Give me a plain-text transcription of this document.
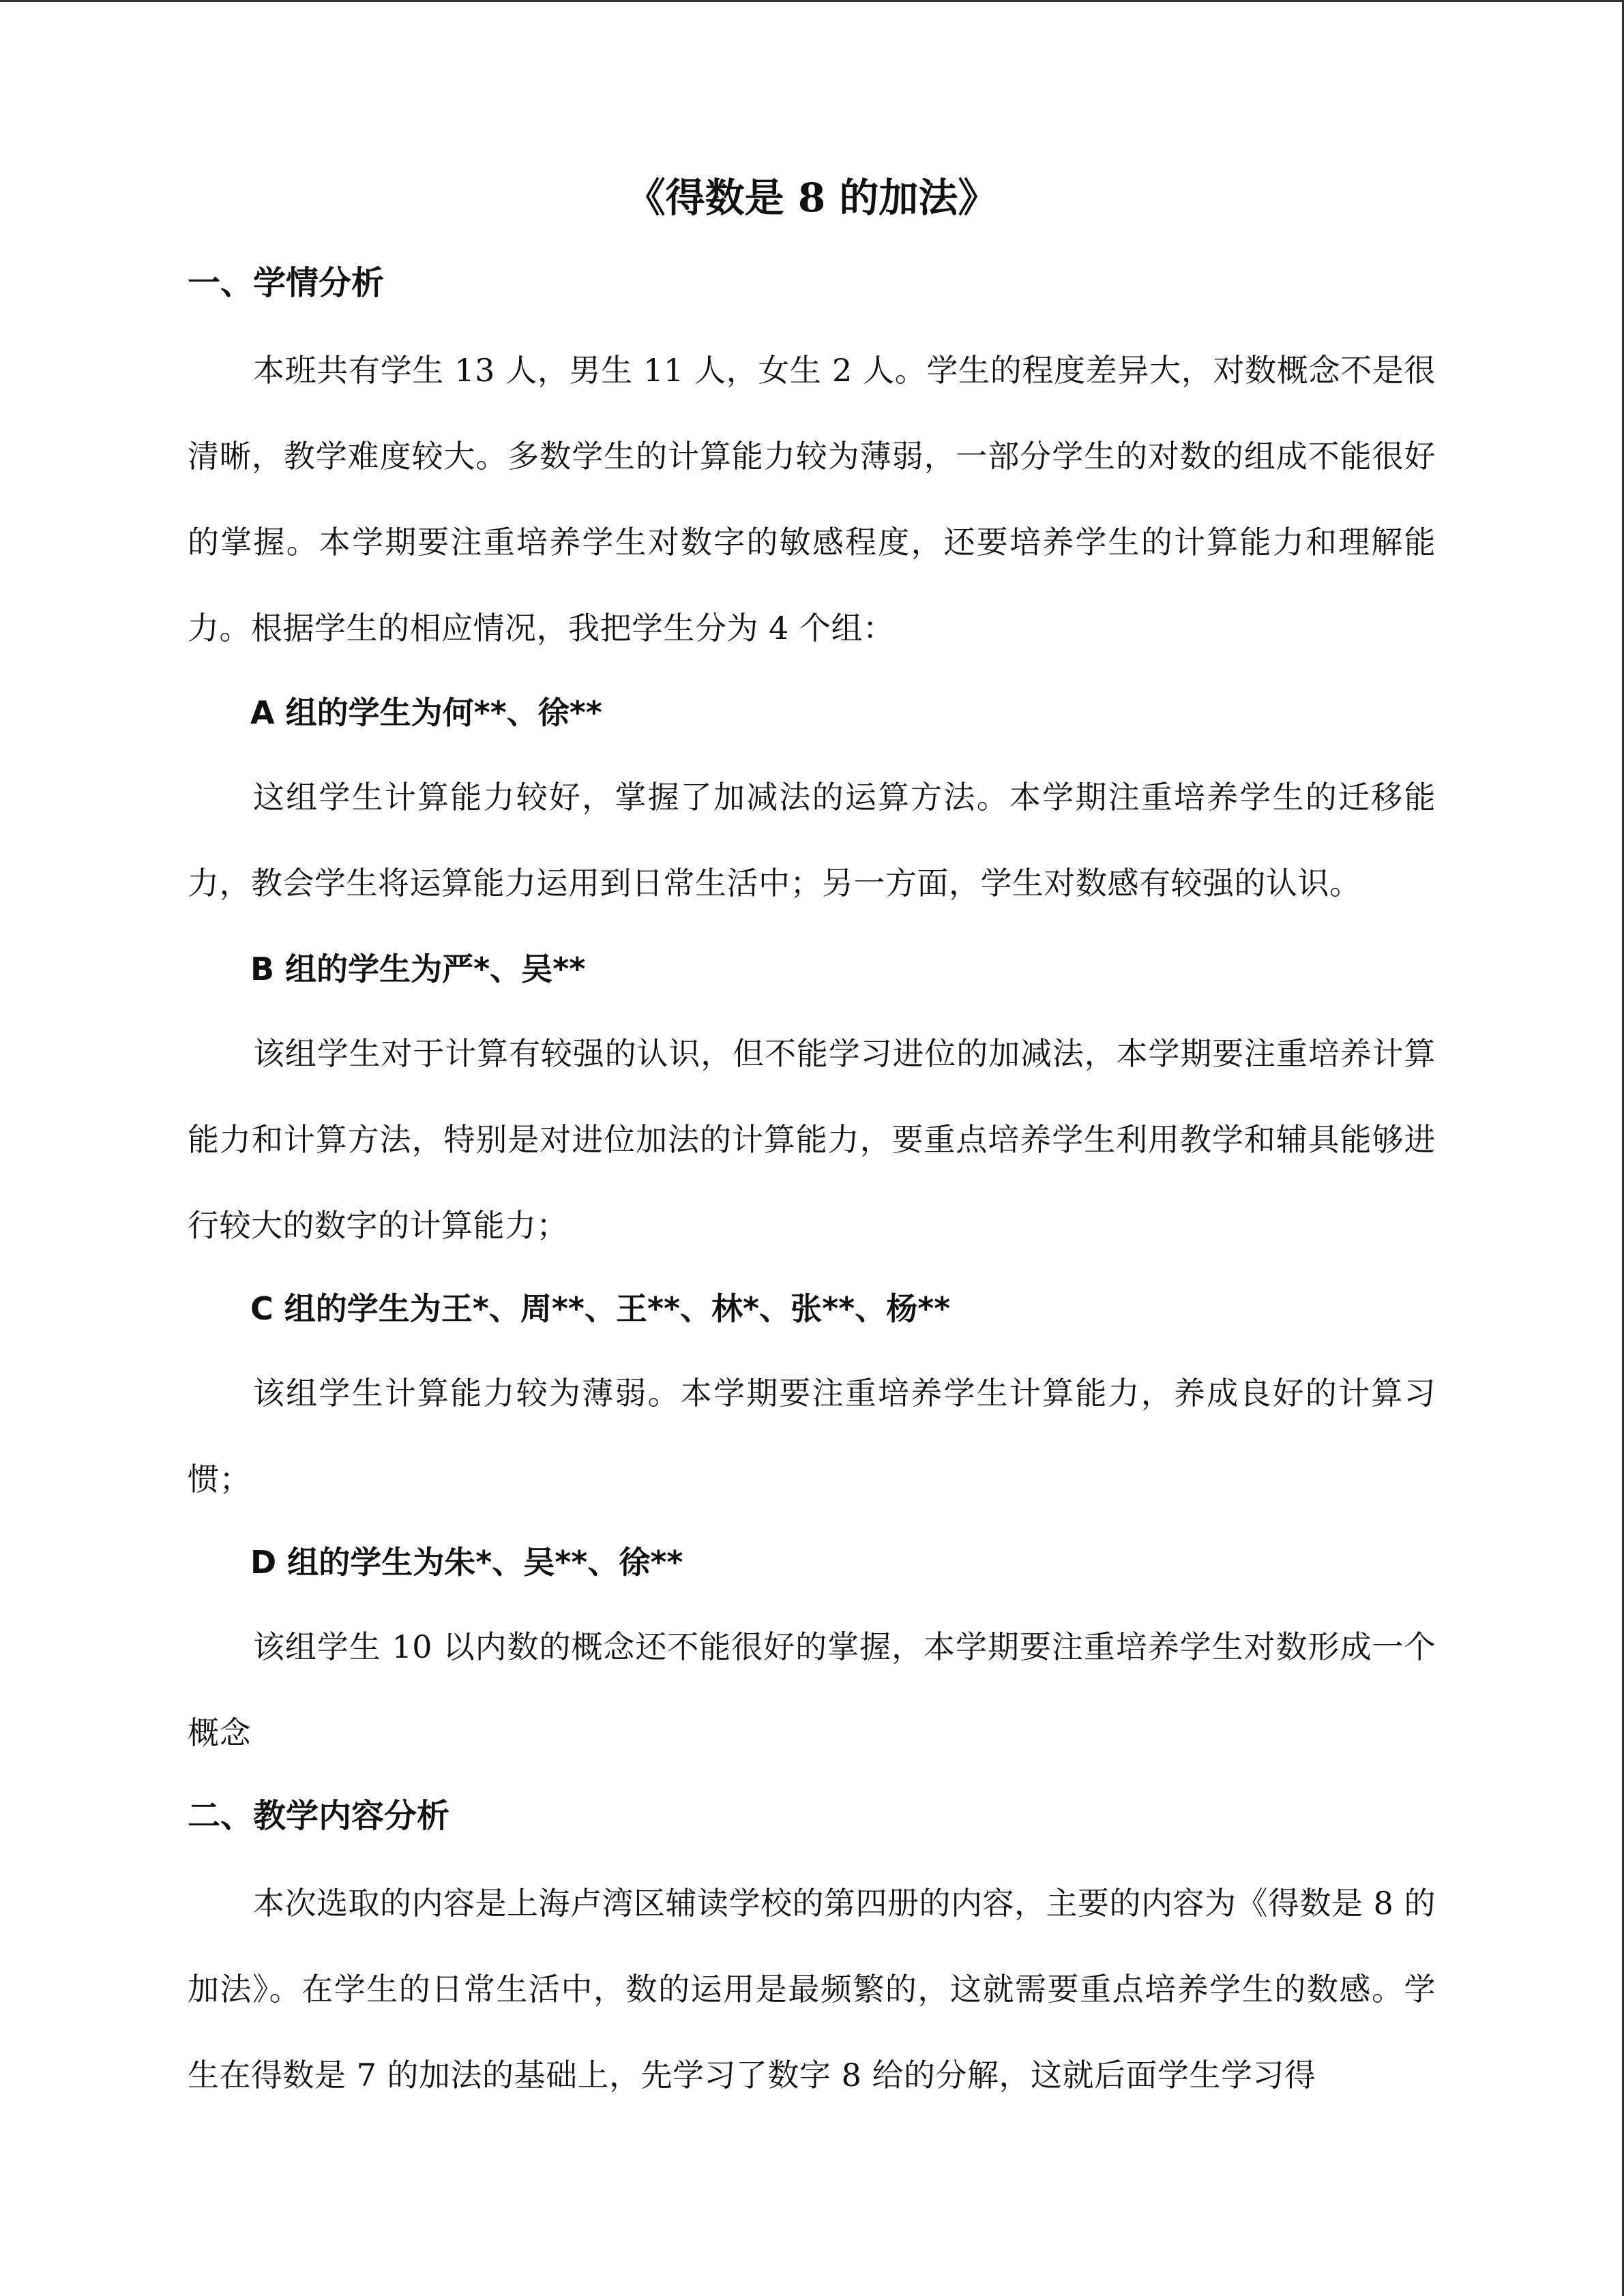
《得数是 8 的加法》
一、学情分析
本班共有学生 13 人，男生 11 人，女生 2 人。学生的程度差异大，对数概念不是很清晰，教学难度较大。多数学生的计算能力较为薄弱，一部分学生的对数的组成不能很好的掌握。本学期要注重培养学生对数字的敏感程度，还要培养学生的计算能力和理解能力。根据学生的相应情况，我把学生分为 4 个组：
A 组的学生为何**、徐**
这组学生计算能力较好，掌握了加减法的运算方法。本学期注重培养学生的迁移能力，教会学生将运算能力运用到日常生活中；另一方面，学生对数感有较强的认识。
B 组的学生为严*、吴**
该组学生对于计算有较强的认识，但不能学习进位的加减法，本学期要注重培养计算能力和计算方法，特别是对进位加法的计算能力，要重点培养学生利用教学和辅具能够进行较大的数字的计算能力；
C 组的学生为王*、周**、王**、林*、张**、杨**
该组学生计算能力较为薄弱。本学期要注重培养学生计算能力，养成良好的计算习惯；
D 组的学生为朱*、吴**、徐**
该组学生 10 以内数的概念还不能很好的掌握，本学期要注重培养学生对数形成一个概念
二、教学内容分析
本次选取的内容是上海卢湾区辅读学校的第四册的内容，主要的内容为《得数是 8 的加法》。在学生的日常生活中，数的运用是最频繁的，这就需要重点培养学生的数感。学生在得数是 7 的加法的基础上，先学习了数字 8 给的分解，这就后面学生学习得
